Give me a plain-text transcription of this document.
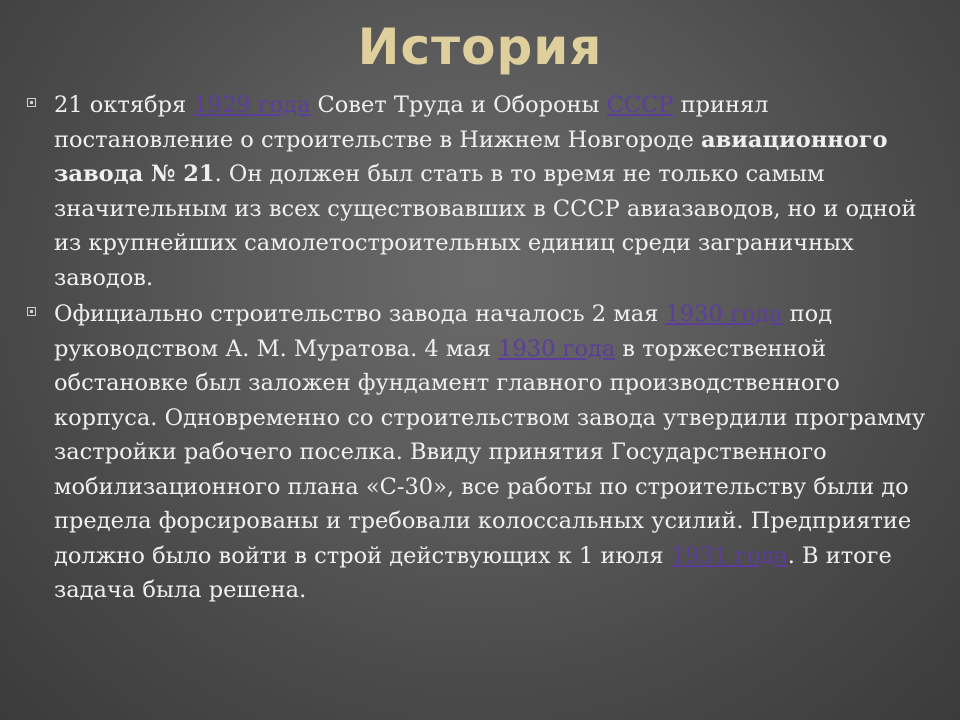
История

21 октября 1929 года Совет Труда и Обороны СССР принял постановление о строительстве в Нижнем Новгороде авиационного завода № 21. Он должен был стать в то время не только самым значительным из всех существовавших в СССР авиазаводов, но и одной из крупнейших самолетостроительных единиц среди заграничных заводов.

Официально строительство завода началось 2 мая 1930 года под руководством А. М. Муратова. 4 мая 1930 года в торжественной обстановке был заложен фундамент главного производственного корпуса. Одновременно со строительством завода утвердили программу застройки рабочего поселка. Ввиду принятия Государственного мобилизационного плана «С-30», все работы по строительству были до предела форсированы и требовали колоссальных усилий. Предприятие должно было войти в строй действующих к 1 июля 1931 года. В итоге задача была решена.
